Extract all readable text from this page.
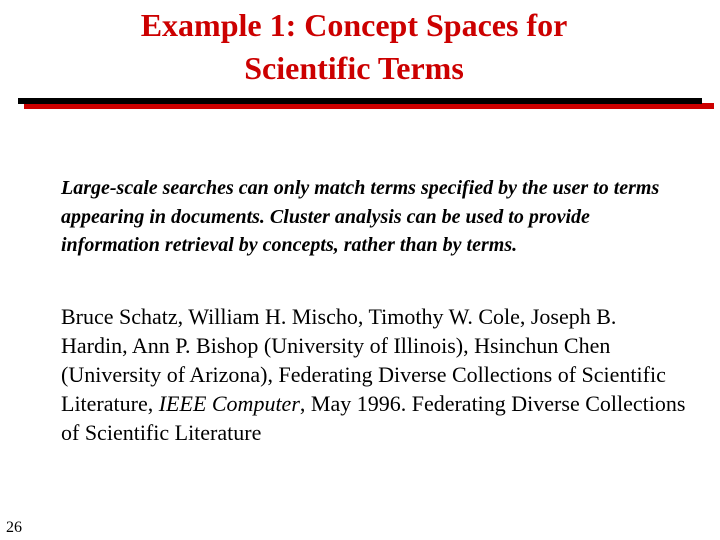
Example 1: Concept Spaces for
Scientific Terms
Large-scale searches can only match terms specified by the user to terms appearing in documents. Cluster analysis can be used to provide information retrieval by concepts, rather than by terms.
Bruce Schatz, William H. Mischo, Timothy W. Cole, Joseph B. Hardin, Ann P. Bishop (University of Illinois), Hsinchun Chen (University of Arizona), Federating Diverse Collections of Scientific Literature, IEEE Computer, May 1996. Federating Diverse Collections of Scientific Literature
26
